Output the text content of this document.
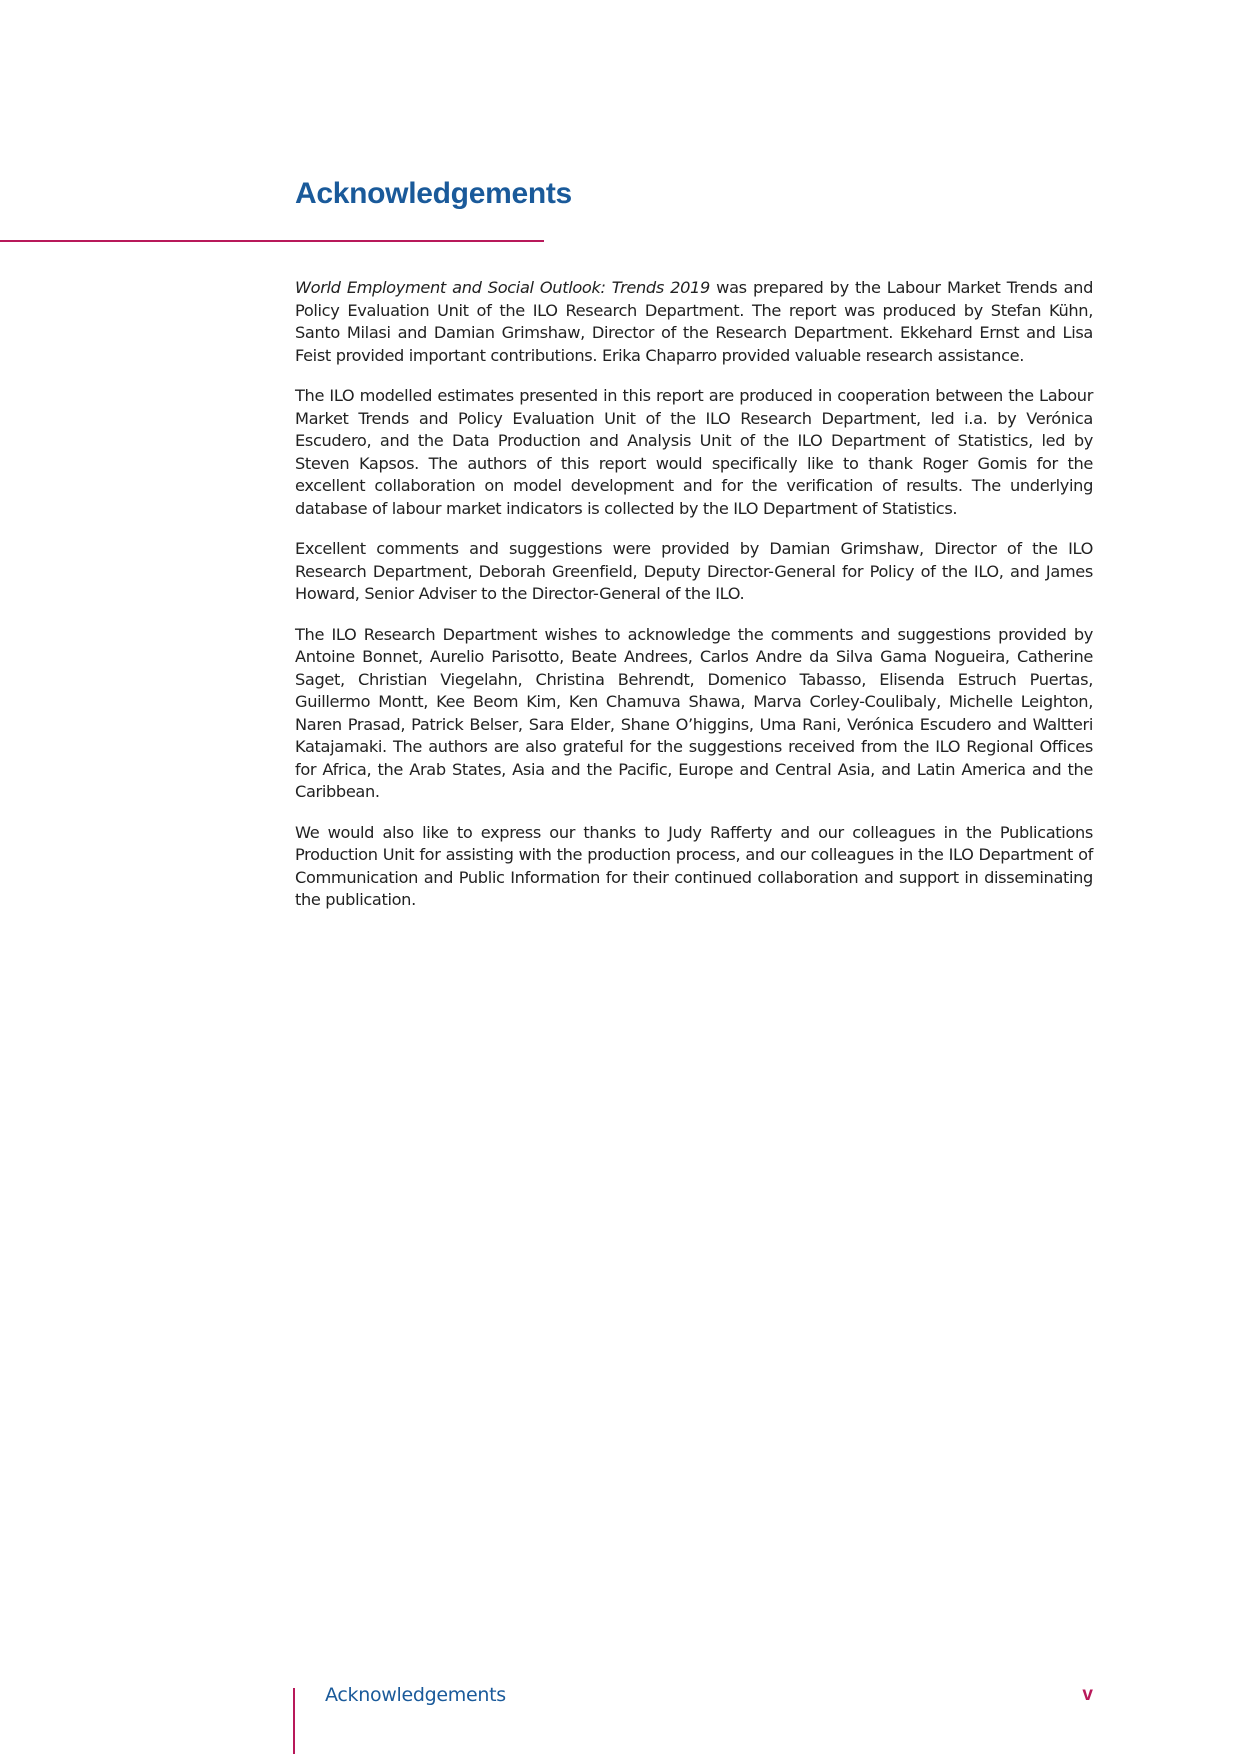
Acknowledgements

World Employment and Social Outlook: Trends 2019 was prepared by the Labour Market Trends and Policy Evaluation Unit of the ILO Research Department. The report was produced by Stefan Kühn, Santo Milasi and Damian Grimshaw, Director of the Research Department. Ekkehard Ernst and Lisa Feist provided important contributions. Erika Chaparro provided valuable research assistance.

The ILO modelled estimates presented in this report are produced in cooperation between the Labour Market Trends and Policy Evaluation Unit of the ILO Research Department, led i.a. by Verónica Escudero, and the Data Production and Analysis Unit of the ILO Department of Statistics, led by Steven Kapsos. The authors of this report would specifically like to thank Roger Gomis for the excellent collaboration on model development and for the verification of results. The underlying database of labour market indicators is collected by the ILO Department of Statistics.

Excellent comments and suggestions were provided by Damian Grimshaw, Director of the ILO Research Department, Deborah Greenfield, Deputy Director-General for Policy of the ILO, and James Howard, Senior Adviser to the Director-General of the ILO.

The ILO Research Department wishes to acknowledge the comments and suggestions provided by Antoine Bonnet, Aurelio Parisotto, Beate Andrees, Carlos Andre da Silva Gama Nogueira, Catherine Saget, Christian Viegelahn, Christina Behrendt, Domenico Tabasso, Elisenda Estruch Puertas, Guillermo Montt, Kee Beom Kim, Ken Chamuva Shawa, Marva Corley-Coulibaly, Michelle Leighton, Naren Prasad, Patrick Belser, Sara Elder, Shane O’higgins, Uma Rani, Verónica Escudero and Waltteri Katajamaki. The authors are also grateful for the suggestions received from the ILO Regional Offices for Africa, the Arab States, Asia and the Pacific, Europe and Central Asia, and Latin America and the Caribbean.

We would also like to express our thanks to Judy Rafferty and our colleagues in the Publications Production Unit for assisting with the production process, and our colleagues in the ILO Department of Communication and Public Information for their continued collaboration and support in disseminating the publication.

Acknowledgements	v
